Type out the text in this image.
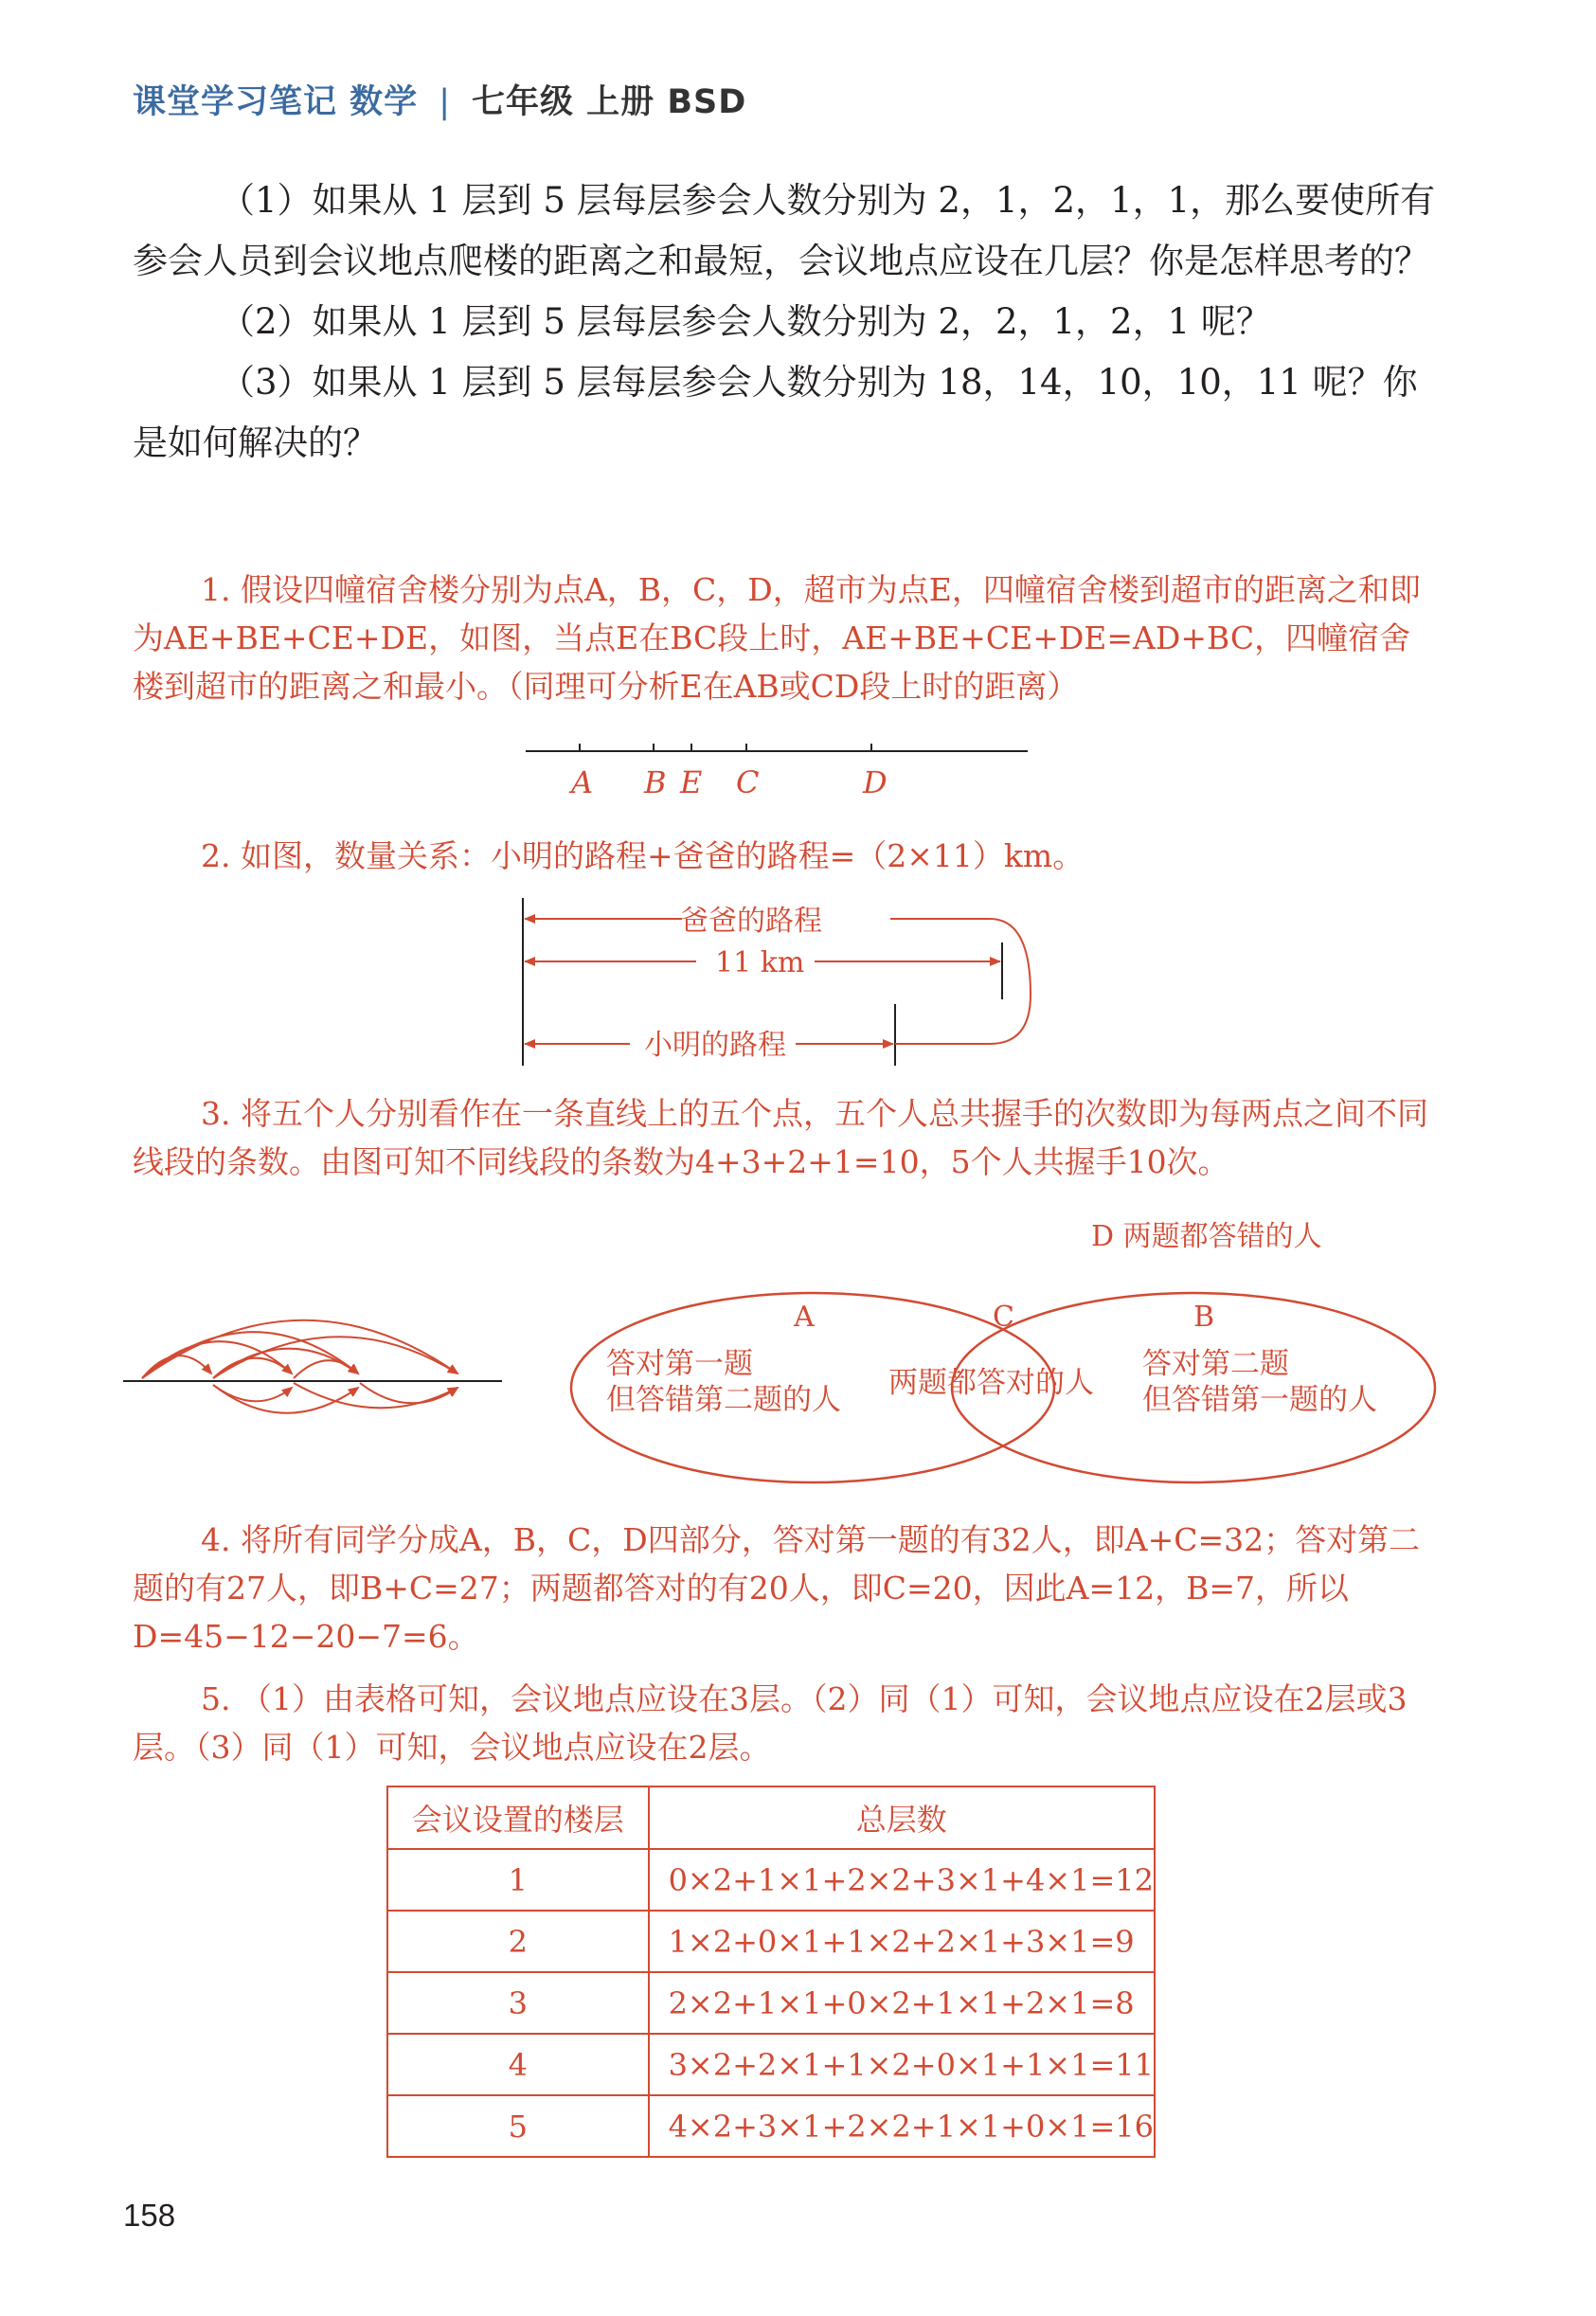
课堂学习笔记 数学 | 七年级 上册 BSD

（1）如果从 1 层到 5 层每层参会人数分别为 2，1，2，1，1，那么要使所有参会人员到会议地点爬楼的距离之和最短，会议地点应设在几层？你是怎样思考的？

（2）如果从 1 层到 5 层每层参会人数分别为 2，2，1，2，1 呢？

（3）如果从 1 层到 5 层每层参会人数分别为 18，14，10，10，11 呢？你是如何解决的？

1. 假设四幢宿舍楼分别为点A，B，C，D，超市为点E，四幢宿舍楼到超市的距离之和即为AE+BE+CE+DE，如图，当点E在BC段上时，AE+BE+CE+DE=AD+BC，四幢宿舍楼到超市的距离之和最小。（同理可分析E在AB或CD段上时的距离）

A B E C	D

2. 如图，数量关系：小明的路程+爸爸的路程=（2×11）km。

爸爸的路程
11 km
小明的路程

3. 将五个人分别看作在一条直线上的五个点，五个人总共握手的次数即为每两点之间不同线段的条数。由图可知不同线段的条数为4+3+2+1=10，5个人共握手10次。

D 两题都答错的人
A	C	B
答对第一题
但答错第二题的人 两题都答对的人
答对第二题
但答错第一题的人

4. 将所有同学分成A，B，C，D四部分，答对第一题的有32人，即A+C=32；答对第二题的有27人，即B+C=27；两题都答对的有20人，即C=20，因此A=12，B=7，所以D=45−12−20−7=6。

5. （1）由表格可知，会议地点应设在3层。（2）同（1）可知，会议地点应设在2层或3层。（3）同（1）可知，会议地点应设在2层。

会议设置的楼层	总层数
1	0×2+1×1+2×2+3×1+4×1=12
2	1×2+0×1+1×2+2×1+3×1=9
3	2×2+1×1+0×2+1×1+2×1=8
4	3×2+2×1+1×2+0×1+1×1=11
5	4×2+3×1+2×2+1×1+0×1=16
158
